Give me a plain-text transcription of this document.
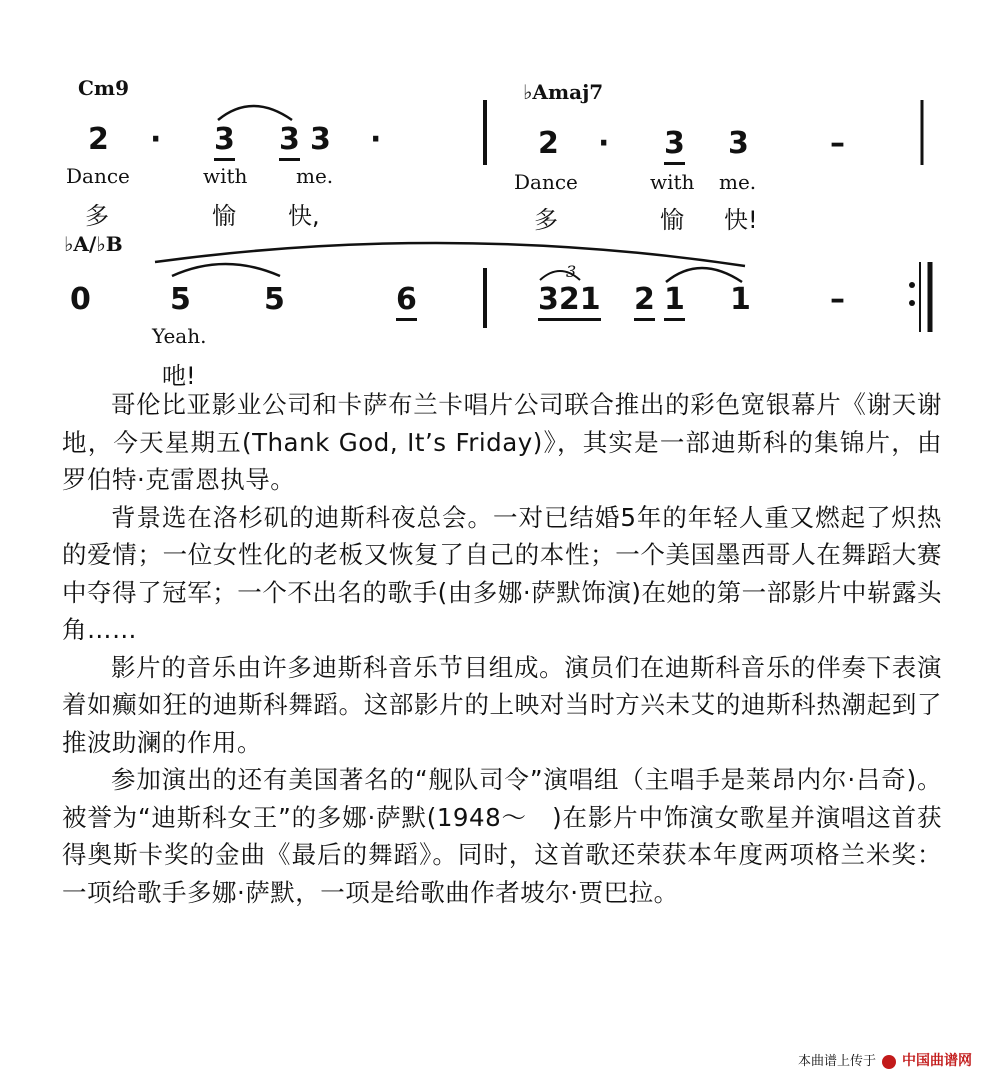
Cm9	♭Amaj7
2 · 3 3 3 ·	2 · 3 3	–
Dance	with me.	Dance	with me.
多	愉 快,	多	愉 快!
♭A/♭B
0	5 5	6	321 2 1 1	–
3
Yeah.
吔!

哥伦比亚影业公司和卡萨布兰卡唱片公司联合推出的彩色宽银幕片《谢天谢地，今天星期五(Thank God, It’s Friday)》，其实是一部迪斯科的集锦片，由罗伯特·克雷恩执导。

背景选在洛杉矶的迪斯科夜总会。一对已结婚5年的年轻人重又燃起了炽热的爱情；一位女性化的老板又恢复了自己的本性；一个美国墨西哥人在舞蹈大赛中夺得了冠军；一个不出名的歌手(由多娜·萨默饰演)在她的第一部影片中崭露头角……

影片的音乐由许多迪斯科音乐节目组成。演员们在迪斯科音乐的伴奏下表演着如癫如狂的迪斯科舞蹈。这部影片的上映对当时方兴未艾的迪斯科热潮起到了推波助澜的作用。

参加演出的还有美国著名的“舰队司令”演唱组（主唱手是莱昂内尔·吕奇)。被誉为“迪斯科女王”的多娜·萨默(1948～　)在影片中饰演女歌星并演唱这首获得奥斯卡奖的金曲《最后的舞蹈》。同时，这首歌还荣获本年度两项格兰米奖：一项给歌手多娜·萨默，一项是给歌曲作者坡尔·贾巴拉。

本曲谱上传于 中国曲谱网
